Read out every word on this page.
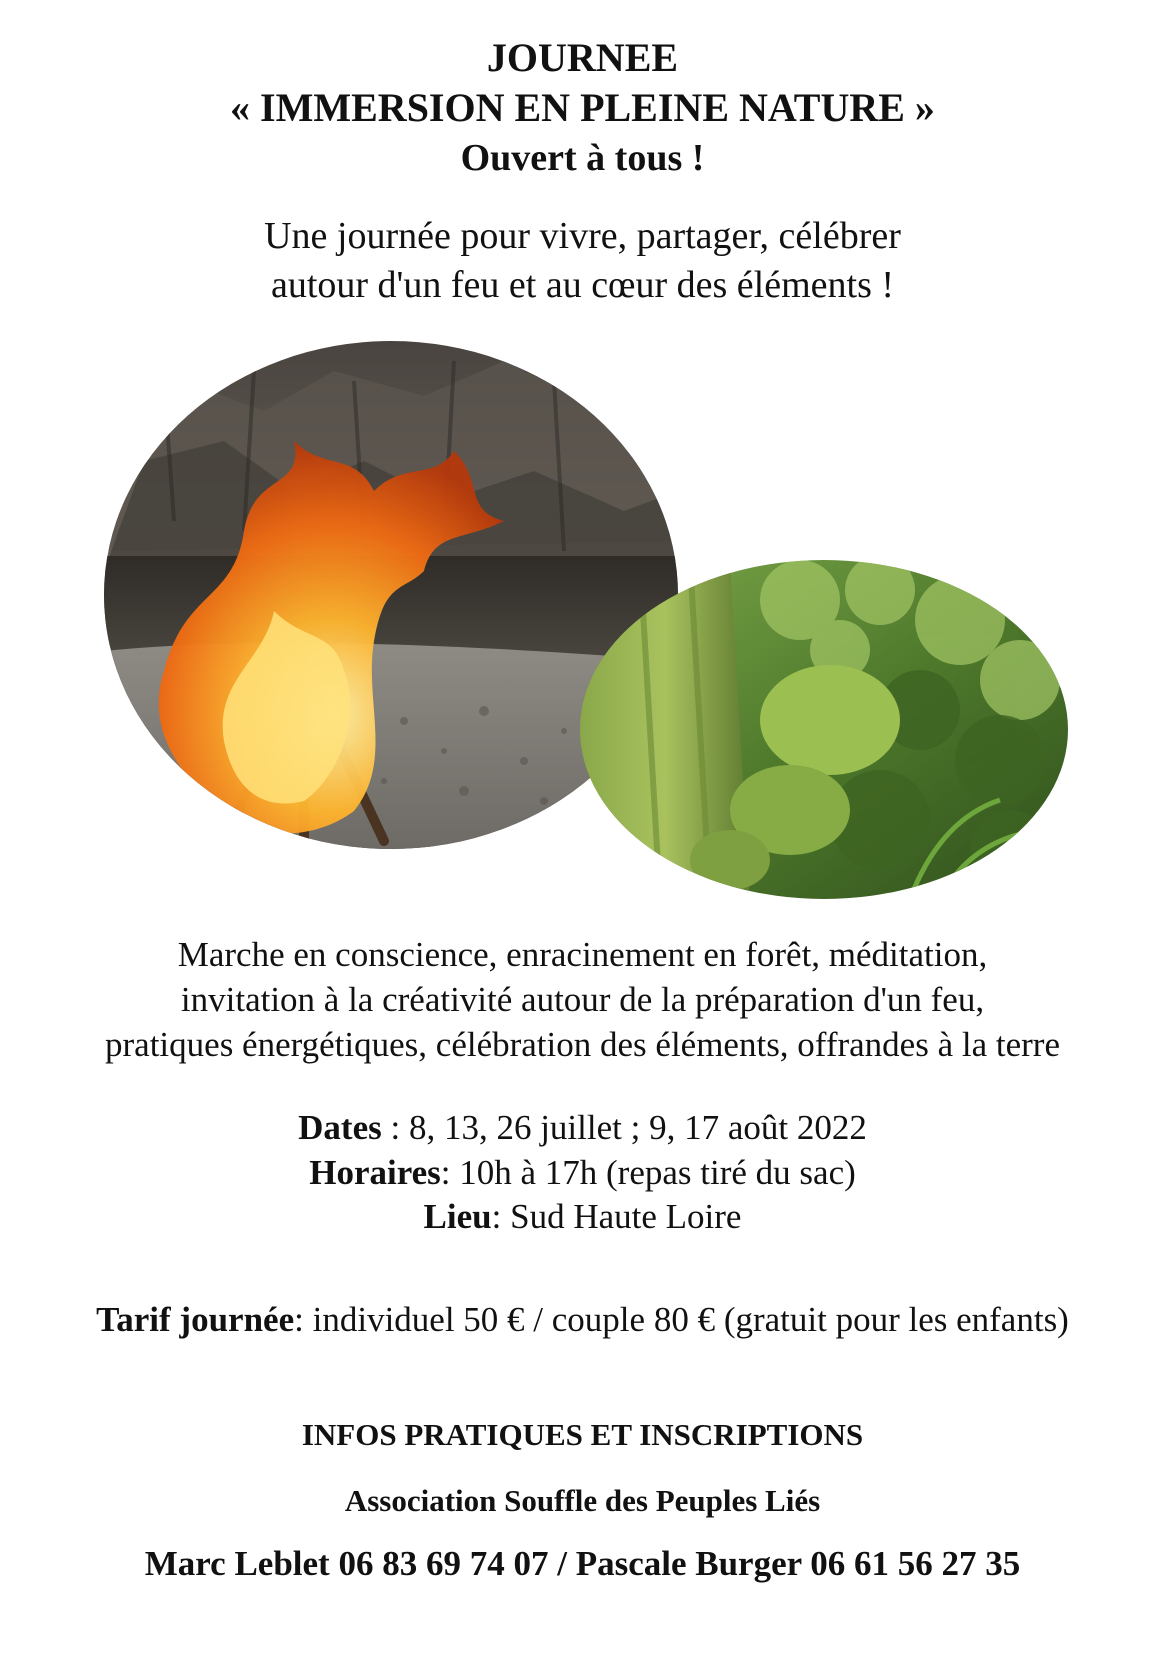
JOURNEE
« IMMERSION EN PLEINE NATURE »
Ouvert à tous !
Une journée pour vivre, partager, célébrer
autour d'un feu et au cœur des éléments !
Marche en conscience, enracinement en forêt, méditation,
invitation à la créativité autour de la préparation d'un feu,
pratiques énergétiques, célébration des éléments, offrandes à la terre
Dates : 8, 13, 26 juillet ; 9, 17 août 2022
Horaires: 10h à 17h (repas tiré du sac)
Lieu: Sud Haute Loire
Tarif journée: individuel 50 € / couple 80 € (gratuit pour les enfants)
INFOS PRATIQUES ET INSCRIPTIONS
Association Souffle des Peuples Liés
Marc Leblet 06 83 69 74 07 / Pascale Burger 06 61 56 27 35
